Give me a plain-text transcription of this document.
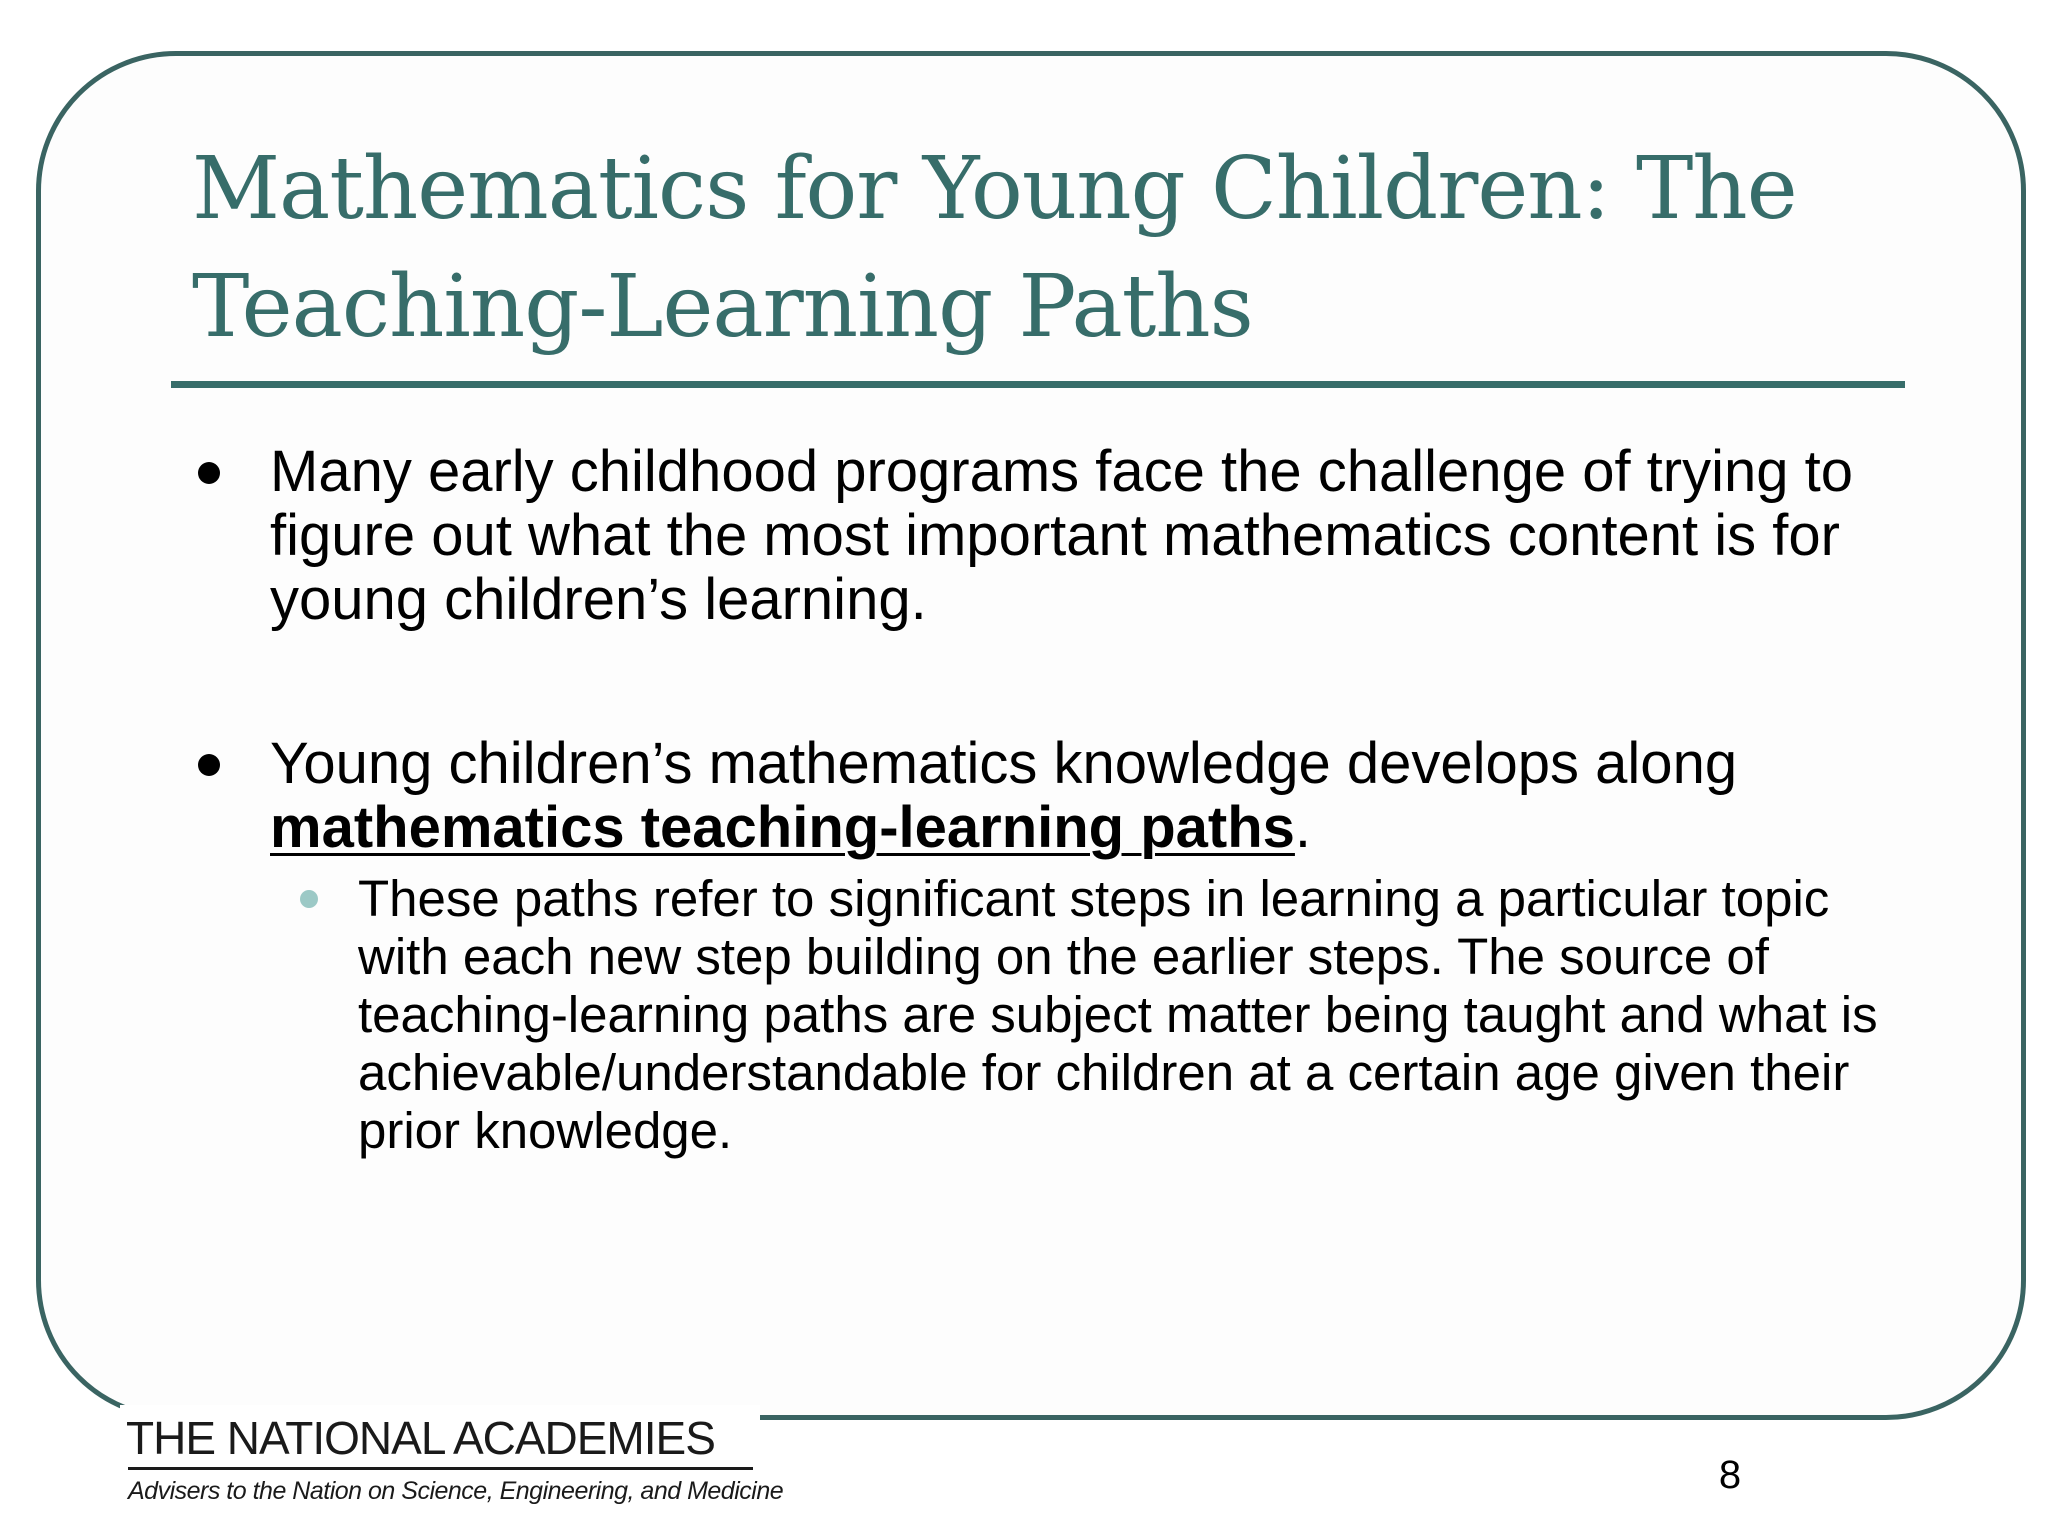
Mathematics for Young Children: The Teaching-Learning Paths
Many early childhood programs face the challenge of trying to figure out what the most important mathematics content is for young children’s learning.
Young children’s mathematics knowledge develops along mathematics teaching-learning paths.
These paths refer to significant steps in learning a particular topic with each new step building on the earlier steps. The source of teaching-learning paths are subject matter being taught and what is achievable/understandable for children at a certain age given their prior knowledge.
THE NATIONAL ACADEMIES
Advisers to the Nation on Science, Engineering, and Medicine	8
